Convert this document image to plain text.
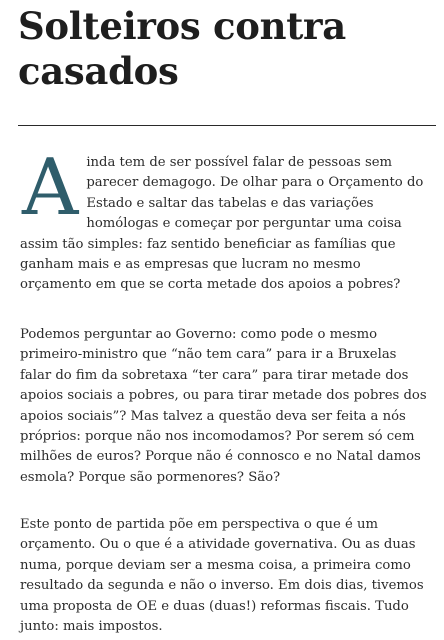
Solteiros contra
casados

A inda tem de ser possível falar de pessoas sem
parecer demagogo. De olhar para o Orçamento do
Estado e saltar das tabelas e das variações
homólogas e começar por perguntar uma coisa
assim tão simples: faz sentido beneficiar as famílias que
ganham mais e as empresas que lucram no mesmo
orçamento em que se corta metade dos apoios a pobres?

Podemos perguntar ao Governo: como pode o mesmo
primeiro-ministro que “não tem cara” para ir a Bruxelas
falar do fim da sobretaxa “ter cara” para tirar metade dos
apoios sociais a pobres, ou para tirar metade dos pobres dos
apoios sociais”? Mas talvez a questão deva ser feita a nós
próprios: porque não nos incomodamos? Por serem só cem
milhões de euros? Porque não é connosco e no Natal damos
esmola? Porque são pormenores? São?

Este ponto de partida põe em perspectiva o que é um
orçamento. Ou o que é a atividade governativa. Ou as duas
numa, porque deviam ser a mesma coisa, a primeira como
resultado da segunda e não o inverso. Em dois dias, tivemos
uma proposta de OE e duas (duas!) reformas fiscais. Tudo
junto: mais impostos.
